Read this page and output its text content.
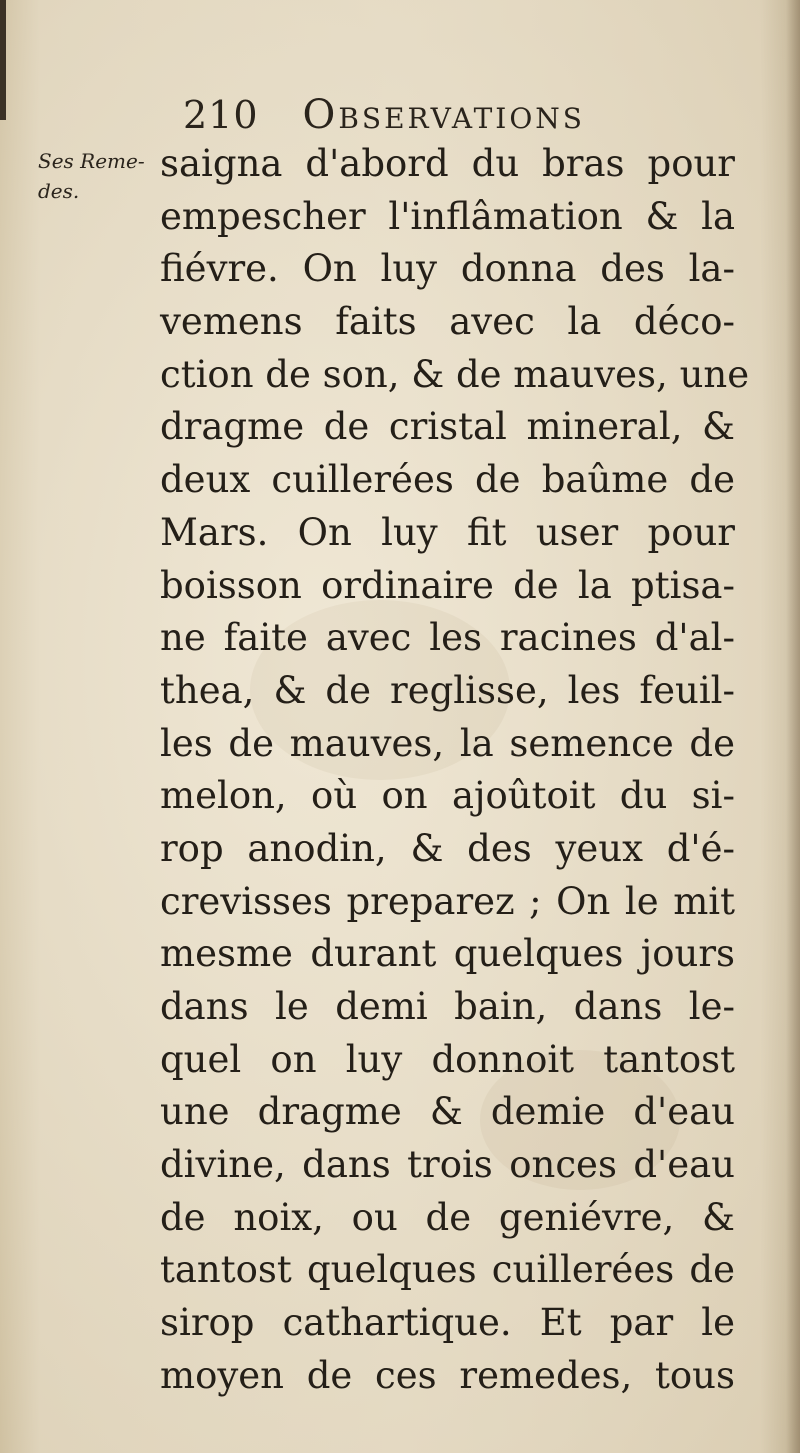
210 Observations
Ses Reme-
des.
saigna d'abord du bras pour
empescher l'inflâmation & la
fiévre. On luy donna des la-
vemens faits avec la déco-
ction de son, & de mauves, une
dragme de cristal mineral, &
deux cuillerées de baûme de
Mars. On luy fit user pour
boisson ordinaire de la ptisa-
ne faite avec les racines d'al-
thea, & de reglisse, les feuil-
les de mauves, la semence de
melon, où on ajoûtoit du si-
rop anodin, & des yeux d'é-
crevisses preparez ; On le mit
mesme durant quelques jours
dans le demi bain, dans le-
quel on luy donnoit tantost
une dragme & demie d'eau
divine, dans trois onces d'eau
de noix, ou de geniévre, &
tantost quelques cuillerées de
sirop cathartique. Et par le
moyen de ces remedes, tous
